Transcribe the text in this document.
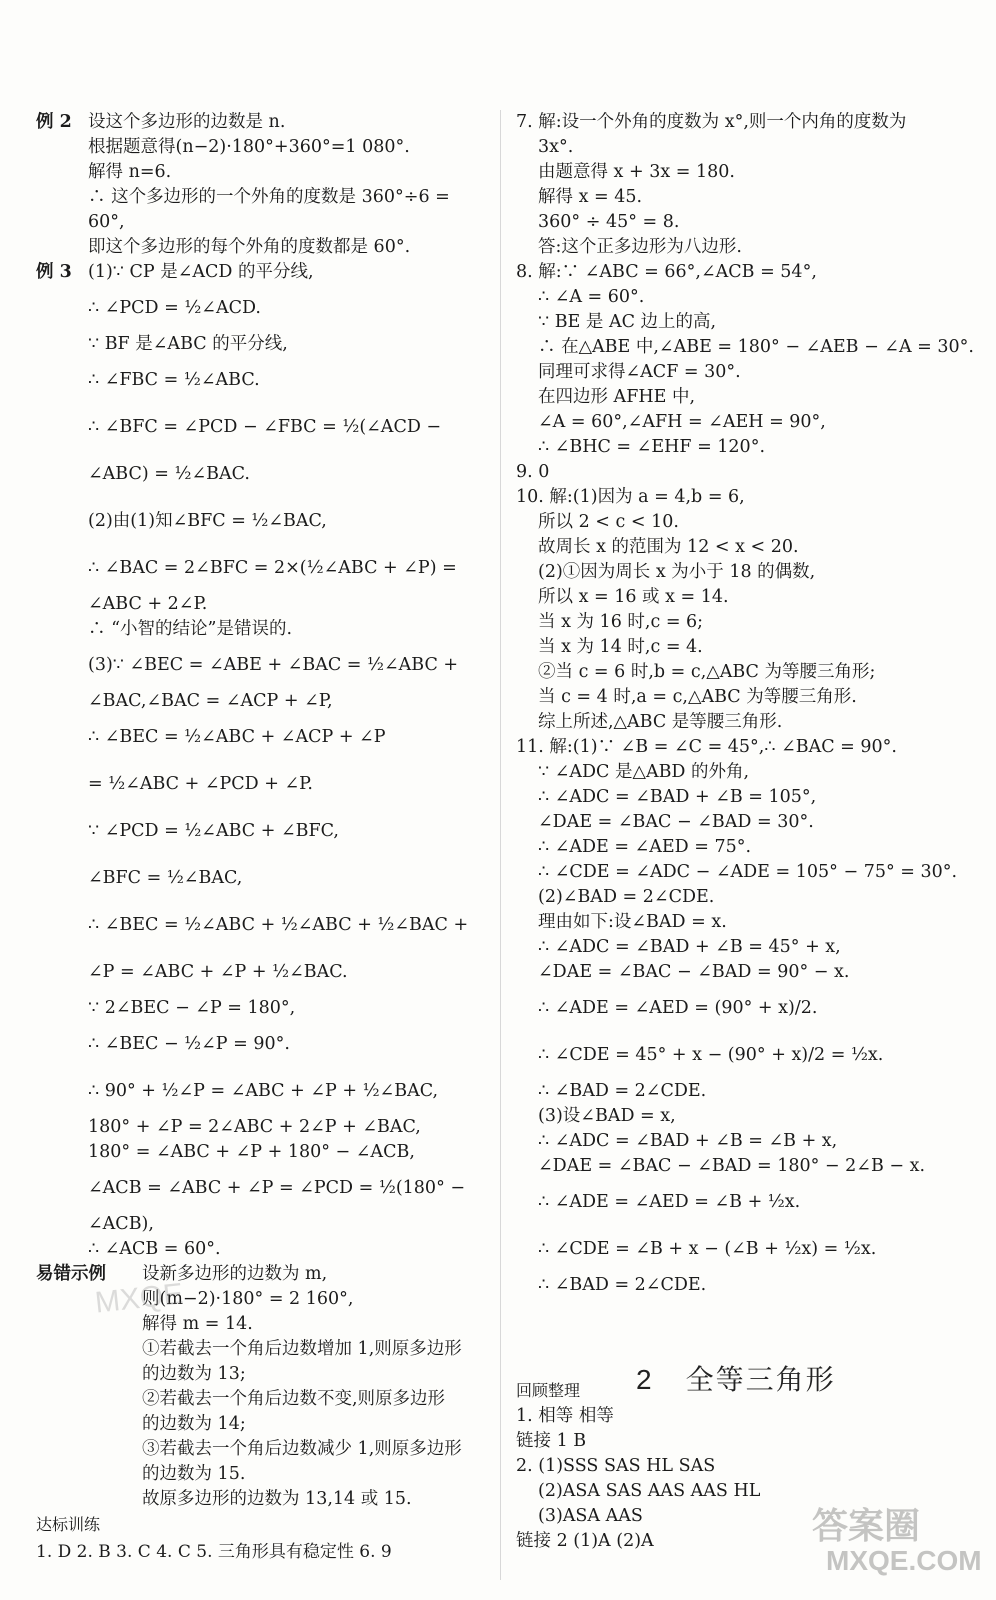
例 2 设这个多边形的边数是 n.
根据题意得(n−2)·180°+360°=1 080°.
解得 n=6.
∴ 这个多边形的一个外角的度数是 360°÷6 =
60°,
即这个多边形的每个外角的度数都是 60°.
例 3 (1)∵ CP 是∠ACD 的平分线,
∴ ∠PCD = ½∠ACD.
∵ BF 是∠ABC 的平分线,
∴ ∠FBC = ½∠ABC.
∴ ∠BFC = ∠PCD − ∠FBC = ½(∠ACD −
∠ABC) = ½∠BAC.
(2)由(1)知∠BFC = ½∠BAC,
∴ ∠BAC = 2∠BFC = 2×(½∠ABC + ∠P) =
∠ABC + 2∠P.
∴ “小智的结论”是错误的.
(3)∵ ∠BEC = ∠ABE + ∠BAC = ½∠ABC +
∠BAC,∠BAC = ∠ACP + ∠P,
∴ ∠BEC = ½∠ABC + ∠ACP + ∠P
= ½∠ABC + ∠PCD + ∠P.
∵ ∠PCD = ½∠ABC + ∠BFC,
∠BFC = ½∠BAC,
∴ ∠BEC = ½∠ABC + ½∠ABC + ½∠BAC +
∠P = ∠ABC + ∠P + ½∠BAC.
∵ 2∠BEC − ∠P = 180°,
∴ ∠BEC − ½∠P = 90°.
∴ 90° + ½∠P = ∠ABC + ∠P + ½∠BAC,
180° + ∠P = 2∠ABC + 2∠P + ∠BAC,
180° = ∠ABC + ∠P + 180° − ∠ACB,
∠ACB = ∠ABC + ∠P = ∠PCD = ½(180° −
∠ACB),
∴ ∠ACB = 60°.
易错示例 设新多边形的边数为 m,
则(m−2)·180° = 2 160°,
解得 m = 14.
①若截去一个角后边数增加 1,则原多边形
的边数为 13;
②若截去一个角后边数不变,则原多边形
的边数为 14;
③若截去一个角后边数减少 1,则原多边形
的边数为 15.
故原多边形的边数为 13,14 或 15.
达标训练
1. D 2. B 3. C 4. C 5. 三角形具有稳定性 6. 9
7. 解:设一个外角的度数为 x°,则一个内角的度数为
3x°.
由题意得 x + 3x = 180.
解得 x = 45.
360° ÷ 45° = 8.
答:这个正多边形为八边形.
8. 解:∵ ∠ABC = 66°,∠ACB = 54°,
∴ ∠A = 60°.
∵ BE 是 AC 边上的高,
∴ 在△ABE 中,∠ABE = 180° − ∠AEB − ∠A = 30°.
同理可求得∠ACF = 30°.
在四边形 AFHE 中,
∠A = 60°,∠AFH = ∠AEH = 90°,
∴ ∠BHC = ∠EHF = 120°.
9. 0
10. 解:(1)因为 a = 4,b = 6,
所以 2 < c < 10.
故周长 x 的范围为 12 < x < 20.
(2)①因为周长 x 为小于 18 的偶数,
所以 x = 16 或 x = 14.
当 x 为 16 时,c = 6;
当 x 为 14 时,c = 4.
②当 c = 6 时,b = c,△ABC 为等腰三角形;
当 c = 4 时,a = c,△ABC 为等腰三角形.
综上所述,△ABC 是等腰三角形.
11. 解:(1)∵ ∠B = ∠C = 45°,∴ ∠BAC = 90°.
∵ ∠ADC 是△ABD 的外角,
∴ ∠ADC = ∠BAD + ∠B = 105°,
∠DAE = ∠BAC − ∠BAD = 30°.
∴ ∠ADE = ∠AED = 75°.
∴ ∠CDE = ∠ADC − ∠ADE = 105° − 75° = 30°.
(2)∠BAD = 2∠CDE.
理由如下:设∠BAD = x.
∴ ∠ADC = ∠BAD + ∠B = 45° + x,
∠DAE = ∠BAC − ∠BAD = 90° − x.
∴ ∠ADE = ∠AED = (90° + x)/2.
∴ ∠CDE = 45° + x − (90° + x)/2 = ½x.
∴ ∠BAD = 2∠CDE.
(3)设∠BAD = x,
∴ ∠ADC = ∠BAD + ∠B = ∠B + x,
∠DAE = ∠BAC − ∠BAD = 180° − 2∠B − x.
∴ ∠ADE = ∠AED = ∠B + ½x.
∴ ∠CDE = ∠B + x − (∠B + ½x) = ½x.
∴ ∠BAD = 2∠CDE.
2 全等三角形
回顾整理
1. 相等 相等
链接 1 B
2. (1)SSS SAS HL SAS
(2)ASA SAS AAS AAS HL
(3)ASA AAS
链接 2 (1)A (2)A
MXQE
答案圈
MXQE.COM
